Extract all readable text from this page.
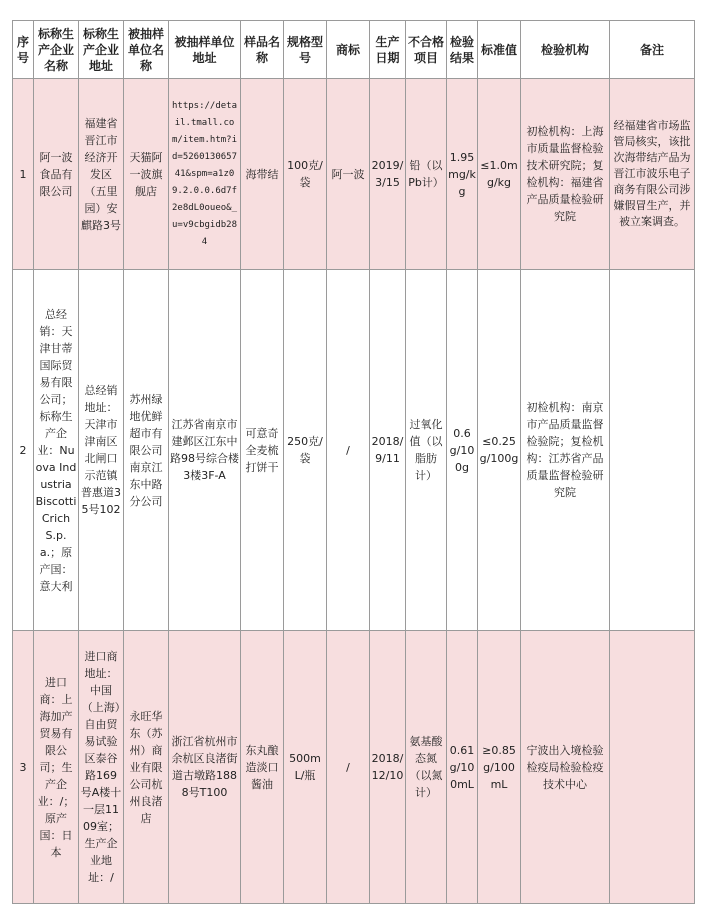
序号	标称生产企业名称	标称生产企业地址	被抽样单位名称	被抽样单位地址	样品名称	规格型号	商标	生产日期	不合格项目	检验结果	标准值	检验机构	备注
1	阿一波食品有限公司	福建省晋江市经济开发区（五里园）安麒路3号	天猫阿一波旗舰店	https://detail.tmall.com/item.htm?id=526013065741&spm=a1z09.2.0.0.6d7f2e8dL0oueo&_u=v9cbgidb284	海带结	100克/袋	阿一波	2019/3/15	铅（以Pb计）	1.95mg/kg	≤1.0mg/kg	初检机构：上海市质量监督检验技术研究院；复检机构：福建省产品质量检验研究院	经福建省市场监管局核实，该批次海带结产品为晋江市波乐电子商务有限公司涉嫌假冒生产，并被立案调查。
2	总经销：天津甘蒂国际贸易有限公司；标称生产企业：Nuova Industria Biscotti Crich S.p.a.；原产国：意大利	总经销地址：天津市津南区北闸口示范镇普惠道35号102	苏州绿地优鲜超市有限公司南京江东中路分公司	江苏省南京市建邺区江东中路98号综合楼3楼3F-A	可意奇　全麦梳打饼干	250克/袋	/	2018/9/11	过氧化值（以脂肪计）	0.6g/100g	≤0.25g/100g	初检机构：南京市产品质量监督检验院；复检机构：江苏省产品质量监督检验研究院	
3	进口商：上海加产贸易有限公司；生产企业：/；原产国：日本	进口商地址：中国（上海）自由贸易试验区泰谷路169号A楼十一层1109室；生产企业地址：/	永旺华东（苏州）商业有限公司杭州良渚店	浙江省杭州市余杭区良渚街道古墩路1888号T100	东丸酿造淡口酱油	500mL/瓶	/	2018/12/10	氨基酸态氮（以氮计）	0.61g/100mL	≥0.85g/100mL	宁波出入境检验检疫局检验检疫技术中心	
